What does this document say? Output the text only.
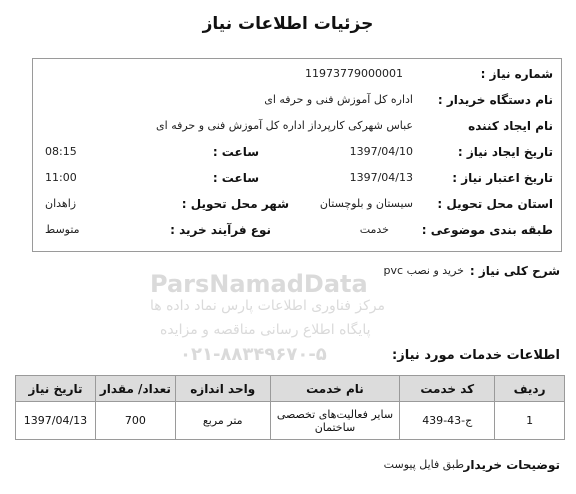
جزئیات اطلاعات نیاز
شماره نیاز :
11973779000001
نام دستگاه خریدار :
اداره کل آموزش فنی و حرفه ای
نام ایجاد کننده
عباس شهرکی کارپرداز اداره کل آموزش فنی و حرفه ای
تاریخ ایجاد نیاز :
1397/04/10
ساعت :
08:15
تاریخ اعتبار نیاز :
1397/04/13
ساعت :
11:00
استان محل تحویل :
سیستان و بلوچستان
شهر محل تحویل :
زاهدان
طبقه بندی موضوعی :
خدمت
نوع فرآیند خرید :
متوسط
شرح کلی نیاز :
خرید و نصب pvc
ParsNamadData
مرکز فناوری اطلاعات پارس نماد داده ها
پایگاه اطلاع رسانی مناقصه و مزایده
۰۲۱-۸۸۳۴۹۶۷۰-۵	اطلاعات خدمات مورد نیاز:
ردیف	کد خدمت	نام خدمت	واحد اندازه	تعداد/ مقدار	تاریخ نیاز
1	ج-43-439	سایر فعالیت‌های تخصصی ساختمان	متر مربع	700	1397/04/13
توضیحات خریدار
طبق فایل پیوست
